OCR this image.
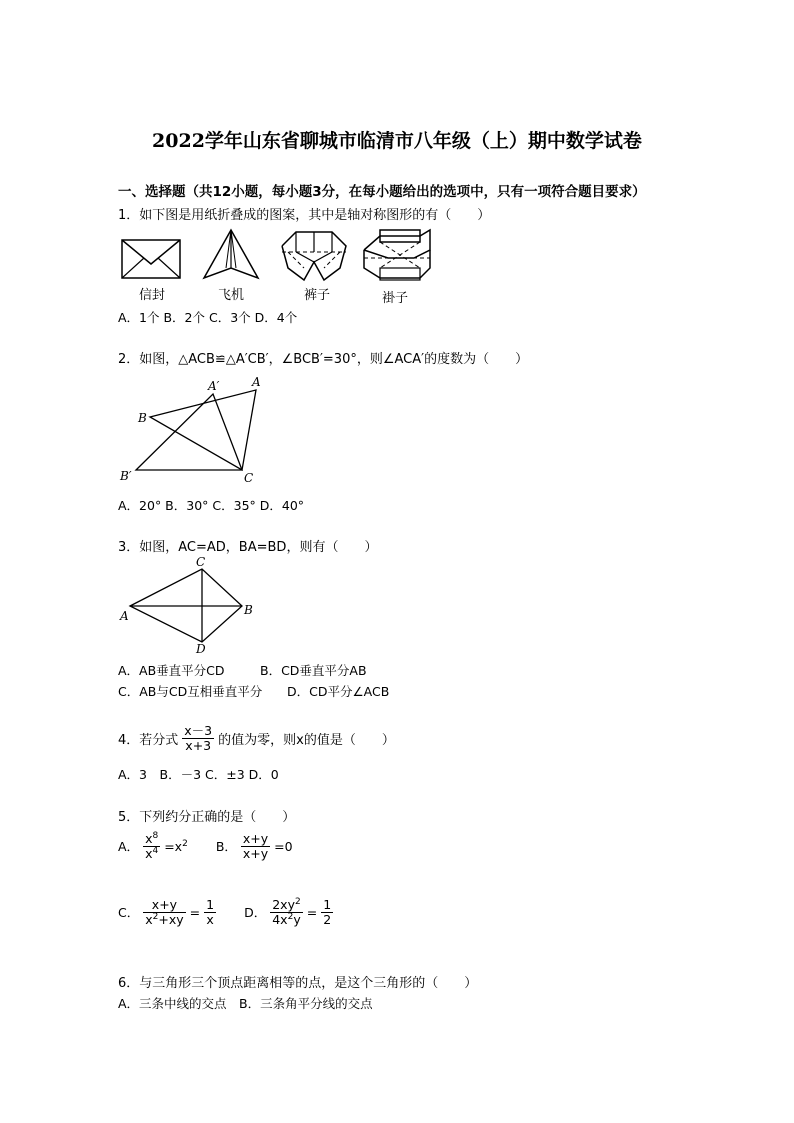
2022学年山东省聊城市临清市八年级（上）期中数学试卷
一、选择题（共12小题，每小题3分，在每小题给出的选项中，只有一项符合题目要求）
1．如下图是用纸折叠成的图案，其中是轴对称图形的有（　　）
信封	飞机	裤子	褂子
A．1个 B．2个 C．3个 D．4个
2．如图，△ACB≌△A′CB′，∠BCB′=30°，则∠ACA′的度数为（　　）
B
B′
A′	A
C
A．20° B．30° C．35° D．40°
3．如图，AC=AD，BA=BD，则有（　　）
C
A	B
D
A．AB垂直平分CD	B．CD垂直平分AB
C．AB与CD互相垂直平分 D．CD平分∠ACB
4．若分式 $\frac{x-3}{x+3}$ 的值为零，则x的值是（　　）
A．3　B．－3 C．±3 D．0
5．下列约分正确的是（　　）
A． $\frac{x^8}{x^4} =x^2$ B． $\frac{x+y}{x+y} =0$
C． $\frac{x+y}{x^2+xy} = \frac{1}{x}$ D． $\frac{2xy^2}{4x^2y} = \frac{1}{2}$
6．与三角形三个顶点距离相等的点，是这个三角形的（　　）
A．三条中线的交点　B．三条角平分线的交点
